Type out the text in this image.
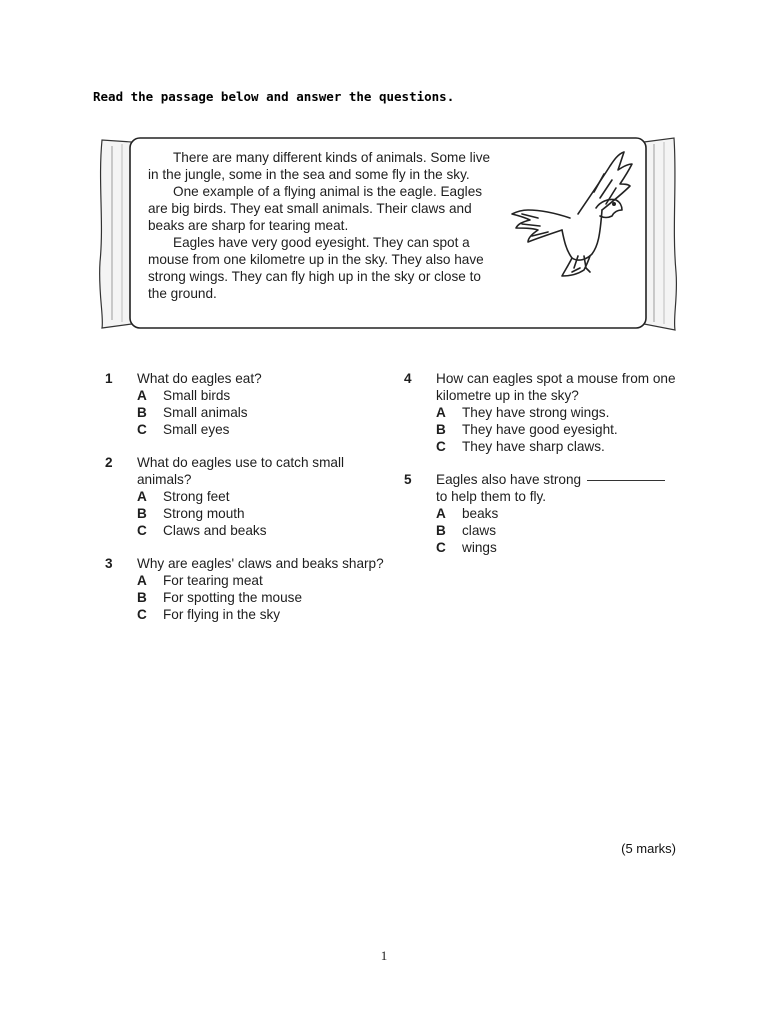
Read the passage below and answer the questions.

There are many different kinds of animals. Some live in the jungle, some in the sea and some fly in the sky.

One example of a flying animal is the eagle. Eagles are big birds. They eat small animals. Their claws and beaks are sharp for tearing meat.

Eagles have very good eyesight. They can spot a mouse from one kilometre up in the sky. They also have strong wings. They can fly high up in the sky or close to the ground.

1	What do eagles eat?
A	Small birds
B	Small animals
C	Small eyes
2	What do eagles use to catch small animals?
A	Strong feet
B	Strong mouth
C	Claws and beaks
3	Why are eagles' claws and beaks sharp?
A	For tearing meat
B	For spotting the mouse
C	For flying in the sky
4	How can eagles spot a mouse from one kilometre up in the sky?
A	They have strong wings.
B	They have good eyesight.
C	They have sharp claws.
5	Eagles also have strong
to help them to fly.
A	beaks
B	claws
C	wings
(5 marks)
1
